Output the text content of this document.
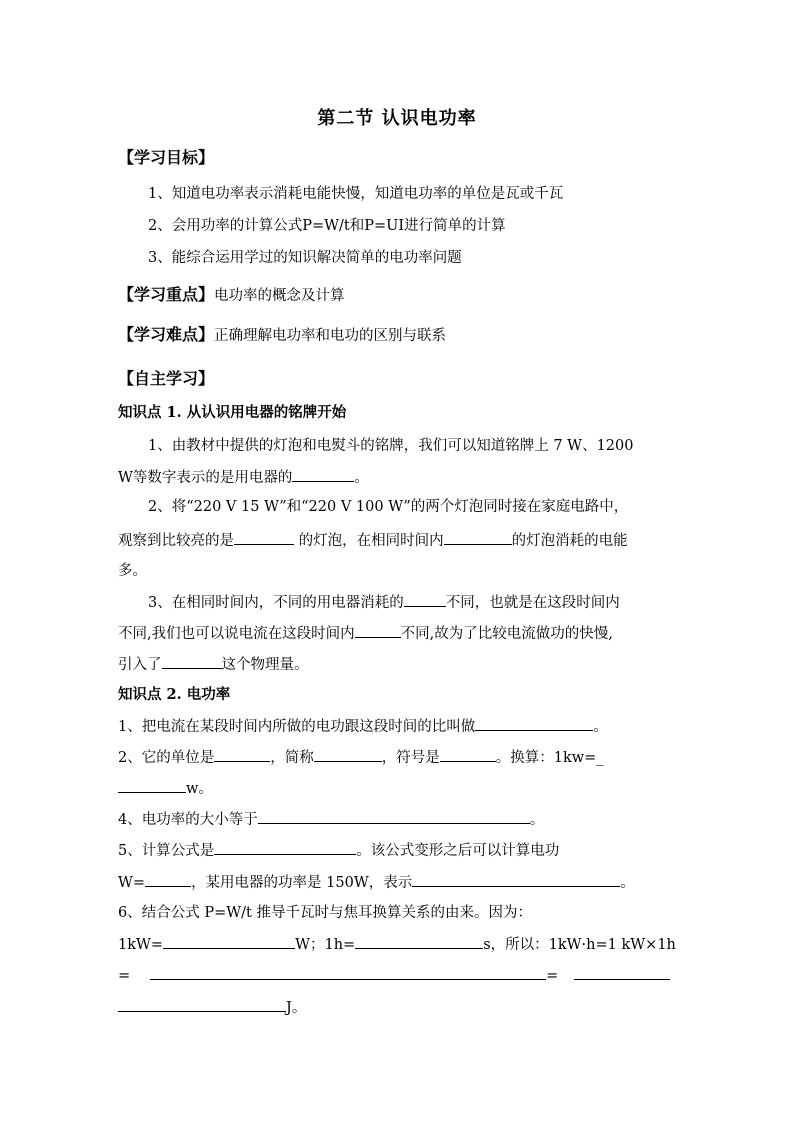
第二节 认识电功率
【学习目标】
1、知道电功率表示消耗电能快慢，知道电功率的单位是瓦或千瓦
2、会用功率的计算公式P=W/t和P=UI进行简单的计算
3、能综合运用学过的知识解决简单的电功率问题
【学习重点】电功率的概念及计算
【学习难点】正确理解电功率和电功的区别与联系
【自主学习】
知识点 1. 从认识用电器的铭牌开始
1、由教材中提供的灯泡和电熨斗的铭牌，我们可以知道铭牌上 7 W、1200
W等数字表示的是用电器的	。
2、将“220 V 15 W”和“220 V 100 W”的两个灯泡同时接在家庭电路中，
观察到比较亮的是	的灯泡，在相同时间内	的灯泡消耗的电能
多。
3、在相同时间内，不同的用电器消耗的	不同，也就是在这段时间内
不同,我们也可以说电流在这段时间内	不同,故为了比较电流做功的快慢,
引入了	这个物理量。
知识点 2. 电功率
1、把电流在某段时间内所做的电功跟这段时间的比叫做	。
2、它的单位是	，简称	，符号是	。换算：1kw=_
w。
4、电功率的大小等于	。
5、计算公式是	。该公式变形之后可以计算电功
W=	，某用电器的功率是 150W，表示	。
6、结合公式 P=W/t 推导千瓦时与焦耳换算关系的由来。因为：
1kW=	W；1h=	s，所以：1kW·h=1 kW×1h
=	=
J。
